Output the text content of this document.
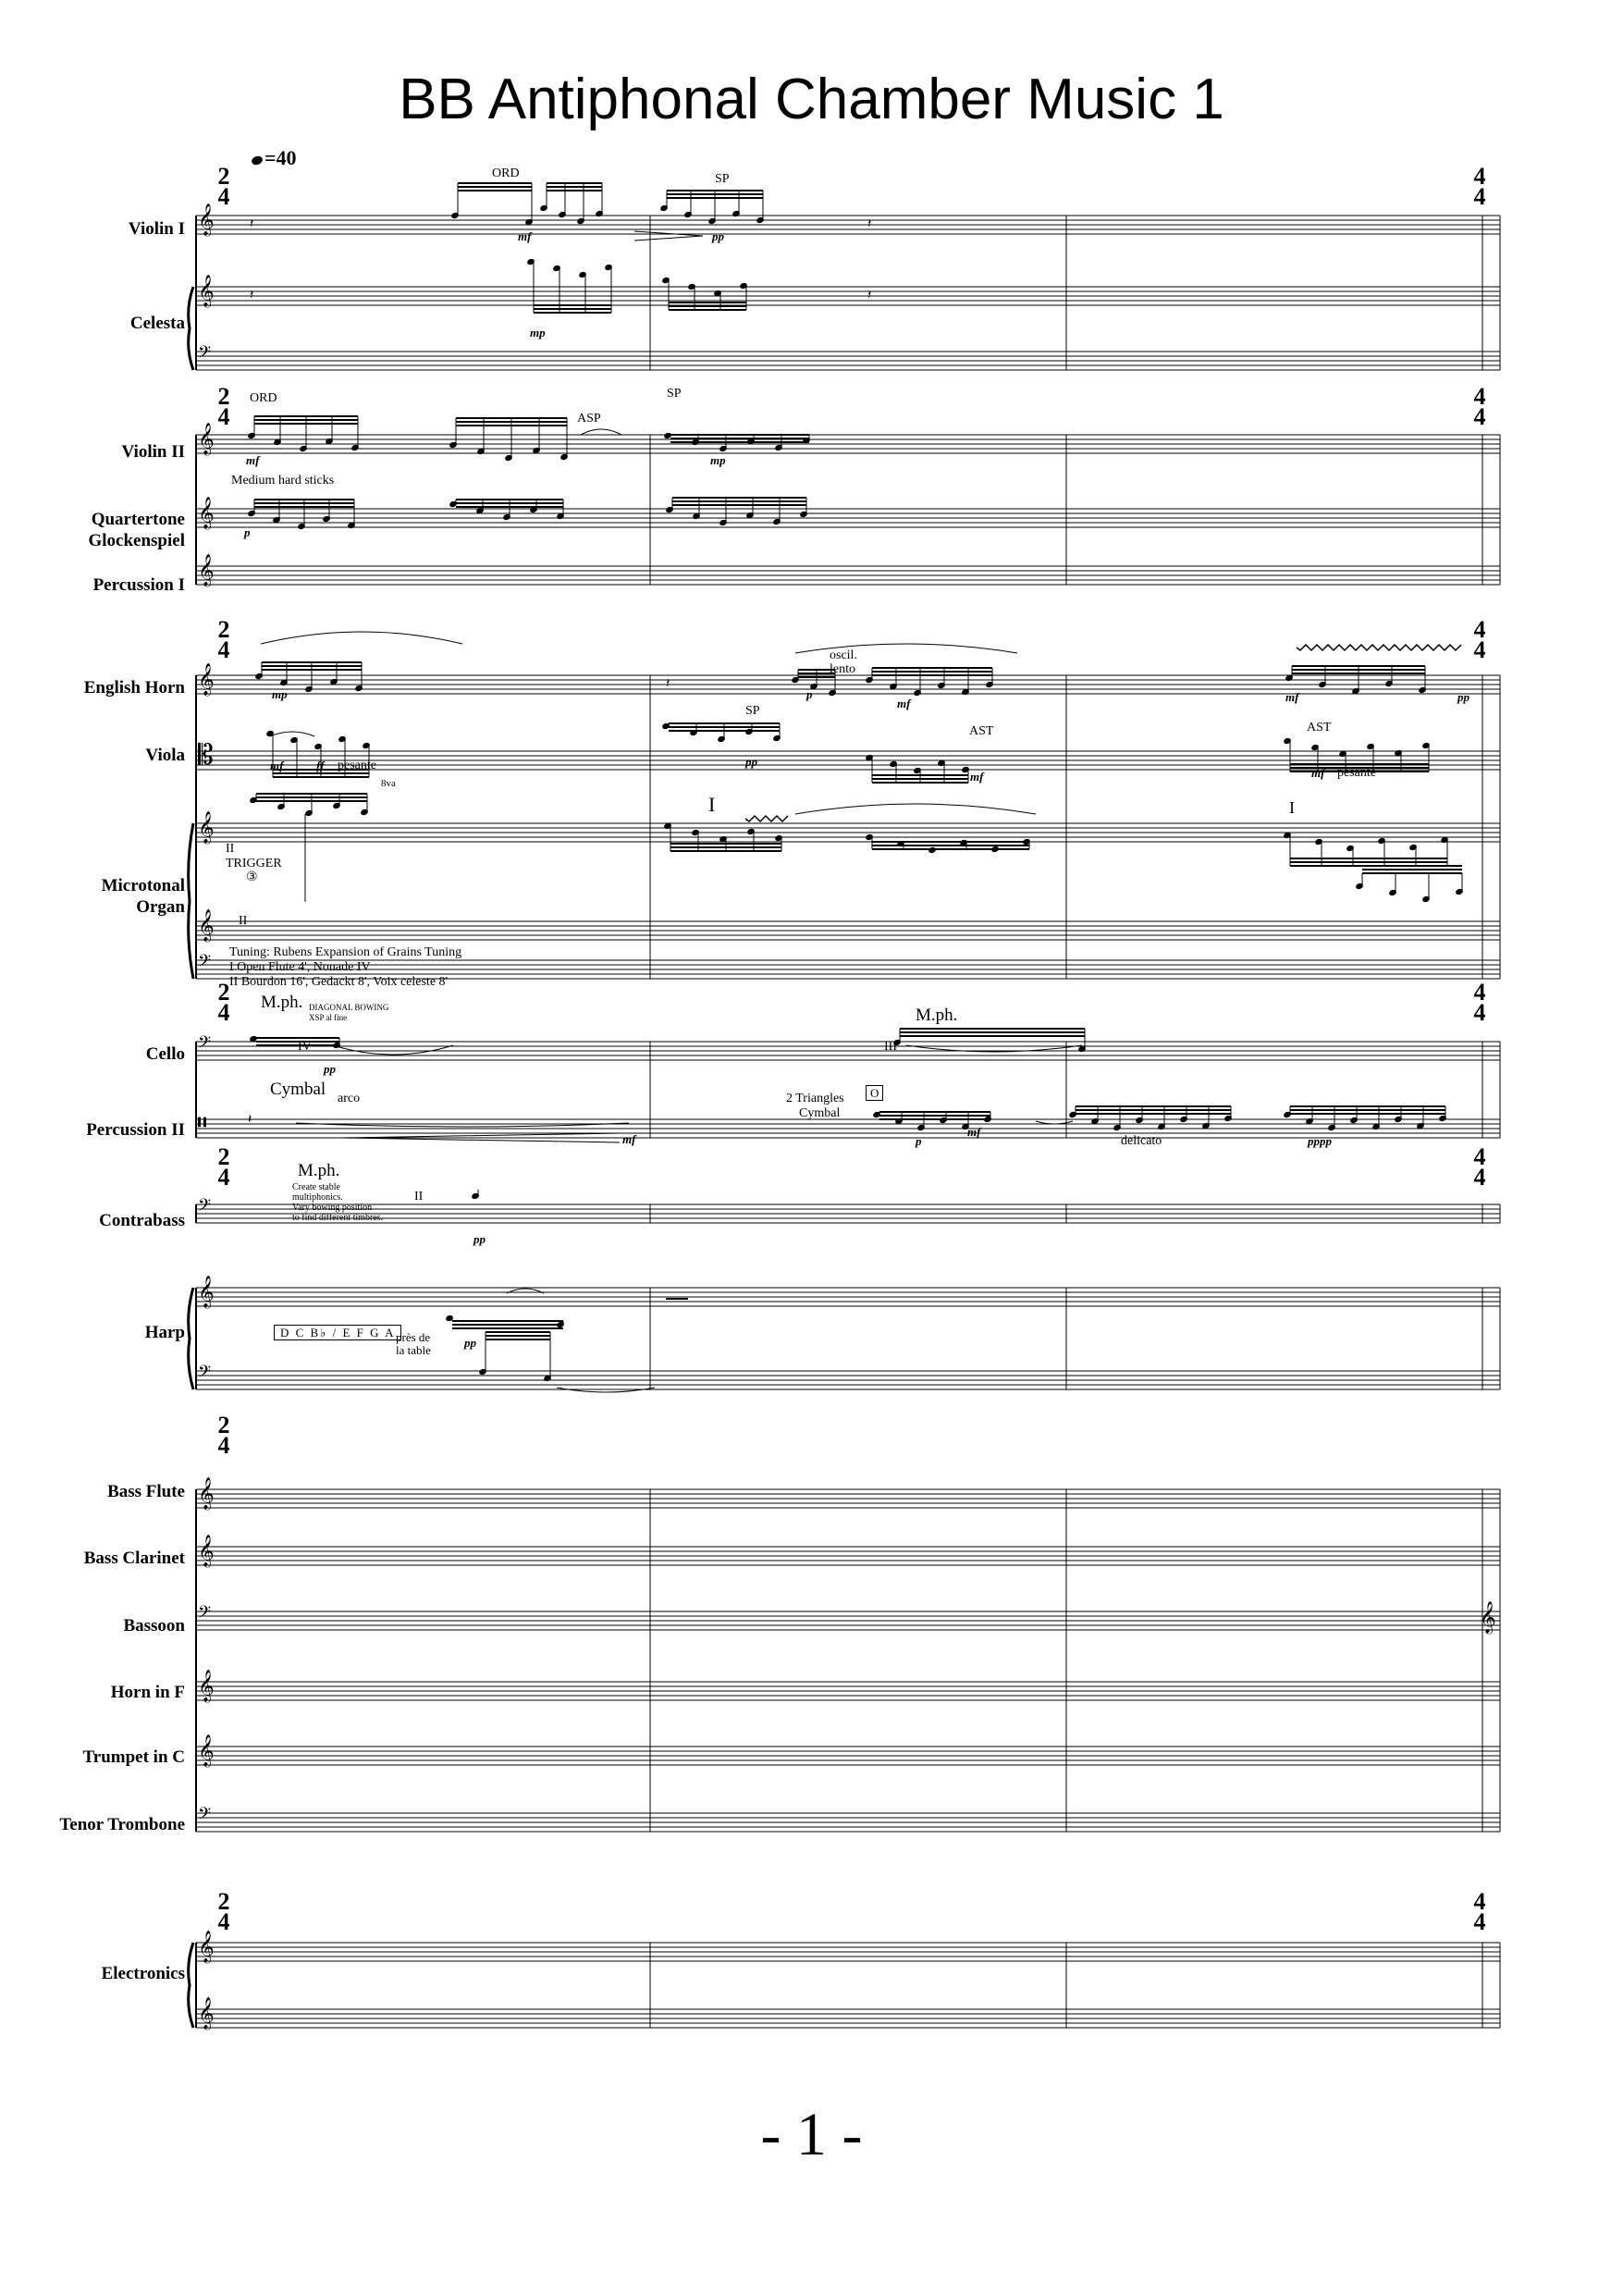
BB Antiphonal Chamber Music 1
=40
𝄞
𝄞
𝄢
𝄞
𝄞
𝄞
𝄞
𝄡
𝄞
𝄞
𝄢
𝄢
𝄥
𝄢
𝄞
𝄢
𝄞
𝄞
𝄢
𝄞
𝄞
𝄢
𝄞
𝄞
𝄽	𝄽
𝄽	𝄽
𝄽
𝄽
𝄞
Violin I
Celesta
Violin II
Quartertone
Glockenspiel
Percussion I
English Horn
Viola
Microtonal
Organ
Cello
Percussion II
Contrabass
Harp
Bass Flute
Bass Clarinet
Bassoon
Horn in F
Trumpet in C
Tenor Trombone
Electronics
2
4
2
4
2
4
2
4
2
4
2
4
2
4
4
4
4
4
4
4
4
4
4
4
4
4
ORD	SP
mf	pp
mp
ORD
ASP
SP
mf	mp
Medium hard sticks
p
mp
oscil.
lento
p
mf	mf	pp
mf	ff pesante
8va
SP
pp
AST
mf
AST
mf pesante
I	I
II
TRIGGER
③
II
Tuning: Rubens Expansion of Grains Tuning
I Open Flute 4', Nonade IV
II Bourdon 16', Gedackt 8', Voix celeste 8'
M.ph. DIAGONAL BOWING
XSP al fine
IV
pp
M.ph.
III
Cymbal arco
mf
2 Triangles
Cymbal
O
p
mf
delicato	pppp
M.ph.
Create stable
multiphonics.
Vary bowing position
to find different timbres.
II
pp
D C B♭ / E F G A près de
la table
pp
- 1 -
